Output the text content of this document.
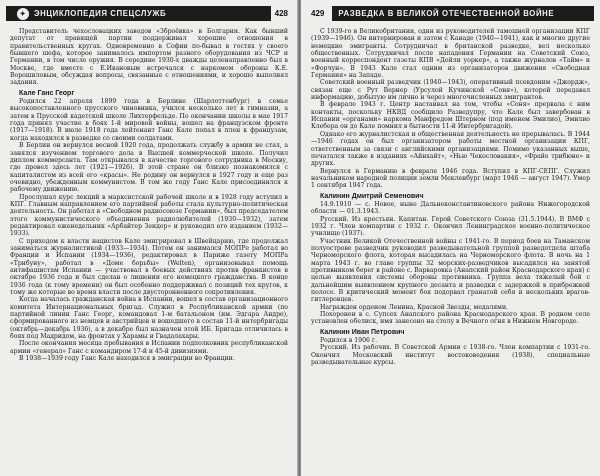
✦ ЭНЦИКЛОПЕДИЯ СПЕЦСЛУЖБ	428

Представитель чехословацких заводов «Зброёвка» в Болгарии. Как бывший депутат от правящей партии поддерживал хорошие отношения в правительственных кругах. Одновременно в Софии по-бывал в гостях у своего бывшего шефа, которое занималось импортом разного оборудования из ЧСР и Германии, в том числе оружия. В середине 1930-х дважды целенаправленно был в Москве, где вместе с Е.Ивановым встречался с наркомом обороны К.Е. Ворошиловым, обсуждая вопросы, связанные с отношениями, и хорошо выполнял задания.

Кале Ганс Георг

Родился 22 апреля 1899 года в Берлине (Шарлоттенбург) в семье высокопоставленного прусского чиновника, учился несколько лет в гимназии, а затем в Прусской кадетской школе Лихтерфельде. По окончании школы в мае 1917 года принял участие в боях 1-й мировой войны, вошел на французском фронте (1917—1918). В июле 1918 года лейтенант Ганс Кале попал в плен к французам, когда находился в разведке со своими солдатами.

В Берлин он вернулся весной 1920 года, продолжать службу в армии не стал, а занялся изучением торгового дела в Высшей коммерческой школе. Получил диплом коммерсанта. Там открывался в качестве торгового сотрудника в Москву, где провел здесь лет (1921—1926). В этой стране он близко познакомился с капиталистом из всей его «красы». Не родину он вернулся в 1927 году и еще раз очевидно, убежденным коммунистом. В том же году Ганс Кале присоединился к рабочему движению.

Прослушал курс лекций в марксистской рабочей школе и в 1928 году вступил в КПГ. Главным направлением его партийной работы стала культурно-политическая деятельность. Он работал в «Свободном радиосоюзе Германии», был председателем этого коммунистического объединения радиолюбителей (1930—1932), затем редактировал еженедельник «Арбайтер Зендер» и руководил его изданием (1932—1933).

С приходом к власти нацистов Кале эмигрировал в Швейцарию, где продолжал заниматься журналистикой (1933—1934). Потом он занимался МОПРе работал во Франции и Испании (1934—1936), редактировал в Париже газету МОПРа «Трибуну», работал в «Доме борьбы» (Welten), организовывал помощь антифашистам Испании — участвовал в боевых действиях против франкистов в октябре 1936 года и был сделан о лишении его немецкого гражданства. В конце 1936 года (к тому времени) он был особенно поддерживал с позиций тех кругов, к тому же которые во время власти после двусторонненного сопротивления.

Когда началась гражданская война в Испании, вошел в состав организационного комитета Интернациональных бригад. Служил в Республиканской армии (по партийной линии Ганс Георг, командовал 1-м батальоном (им. Эдгара Андре), сформированного из немцев и австрийцев и вошедшего в состав 11-й интербригады (октябрь—декабрь 1936), а в декабре был назначен этой ИБ. Бригада отличилась в боях под Мадридом, на фронтах у Харамы и Гвадалахары.

После окончания месяца пребывания в Испании подполковник республиканской армии «генерал» Ганс с командиром 17-й и 45-й дивизиями.

В 1938—1939 году Ганс Кале находился в эмиграции во Франции.

429	РАЗВЕДКА В ВЕЛИКОЙ ОТЕЧЕСТВЕННОЙ ВОЙНЕ

С 1939-го в Великобритании, один из руководителей тамошней организации КПГ (1939—1946). Он интернирован и затем с Канаде (1940—1941), как и многие другие немецкие эмигранты. Сотрудничал в британской разведке, вел несколько общественных. Сотрудничал после нападения Германии на Советский Союз, военный корреспондент газеты КПВ «Дейли уоркер», а также журналов «Тайм» и «Форчун». В 1943 Кале стал одним из организаторов движения «Свободная Германия» на Западе.

Советский военный разведчик (1940—1943), оперативный псевдоним «Джордж», связан еще с Рут Вернер (Урсулой Кучинской «Соня»), которой передавал информацию, добытую им лично и через многочисленных эмигрантов.

В феврале 1943 г. Центр настаивал на том, чтобы «Соня» прервала с ним контакты, поскольку НКВД сообщило Разведупру, что Кале был завербован в Испании «органами» наркома Манфредом Штерном (под именем Эмилио), Эмилио Клебера он до Кале помнил в бытности 11-й Интербригадой).

Однако его журналистская и общественная деятельность не прерывалась. В 1944—1946 годах он был организатором работы местной организации КПГ, ответственным за связи с английскими организациями. Помимо указанных выше, печатался также в изданиях «Айнхайт», «Нью Чекословакия», «Фрайе трибюне» и других.

Вернулся в Германию в феврале 1946 года. Вступил в КПГ-СЕПГ. Служил начальником народной полиции земли Мекленбург (март 1946 — август 1947). Умер 1 сентября 1947 года.

Калинин Дмитрий Семенович

14.9.1910 — с. Новое, ныне Дальнеконстантиновского района Нижегородской области — 01.3.1943.

Русский. Из крестьян. Капитан. Герой Советского Союза (31.5.1944). В ВМФ с 1932 г. Член компартии с 1932 г. Окончил Ленинградское военно-политическое училище (1937).

Участник Великой Отечественной войны с 1941-го. В период боев на Таманском полуострове разведчик руководил разведывательной группой разведотдела штаба Черноморского флота, которая высадилась на Черноморского флота. В ночь на 1 марта 1943 г. во главе группы 32 морских-разведчиков высадился на занятой противником берег в районе с. Варваровка (Анапский район Краснодарского края) с целью выявления системы обороны противника. Группа вела тяжелый бой с дальнейшим выявлением крупного десанта и разведки с задержкой в прибрежной полосе. В критический момент боя подорвал гранатой себя и нескольких врагов-гитлеровцев.

Награжден орденом Ленина, Красной Звезды, медалями.

Похоронен в с. Супсех Анапского района Краснодарского края. В родном селе установлен обелиск, имя занесено на стелу в Вечного огня в Нижнем Новгороде.

Калинин Иван Петрович

Родился в 1906 г.

Русский. Из рабочих. В Советской Армии с 1938-го. Член компартии с 1931-го. Окончил Московский институт востоковедения (1938), специальные разведывательные курсы.
